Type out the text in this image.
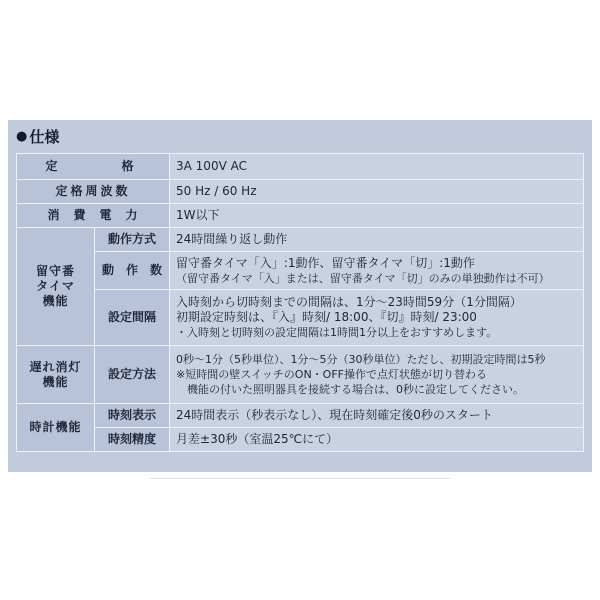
● 仕様
定　　　格		3A 100V AC
定格周波数		50 Hz / 60 Hz
消　費　電　力		1W以下

留守番
タイマ
機能	動作方式	24時間繰り返し動作
	動　作　数	留守番タイマ「入」:1動作、留守番タイマ「切」:1動作
（留守番タイマ「入」または、留守番タイマ「切」のみの単独動作は不可）

	設定間隔	入時刻から切時刻までの間隔は、1分～23時間59分（1分間隔）
初期設定時刻は、『入』時刻/ 18:00、『切』時刻/ 23:00
・入時刻と切時刻の設定間隔は1時間1分以上をおすすめします。

遅れ消灯
機能	設定方法	0秒～1分（5秒単位）、1分～5分（30秒単位）ただし、初期設定時間は5秒
※短時間の壁スイッチのON・OFF操作で点灯状態が切り替わる
　機能の付いた照明器具を接続する場合は、0秒に設定してください。

時計機能	時刻表示	24時間表示（秒表示なし）、現在時刻確定後0秒のスタート
	時刻精度	月差±30秒（室温25℃にて）
